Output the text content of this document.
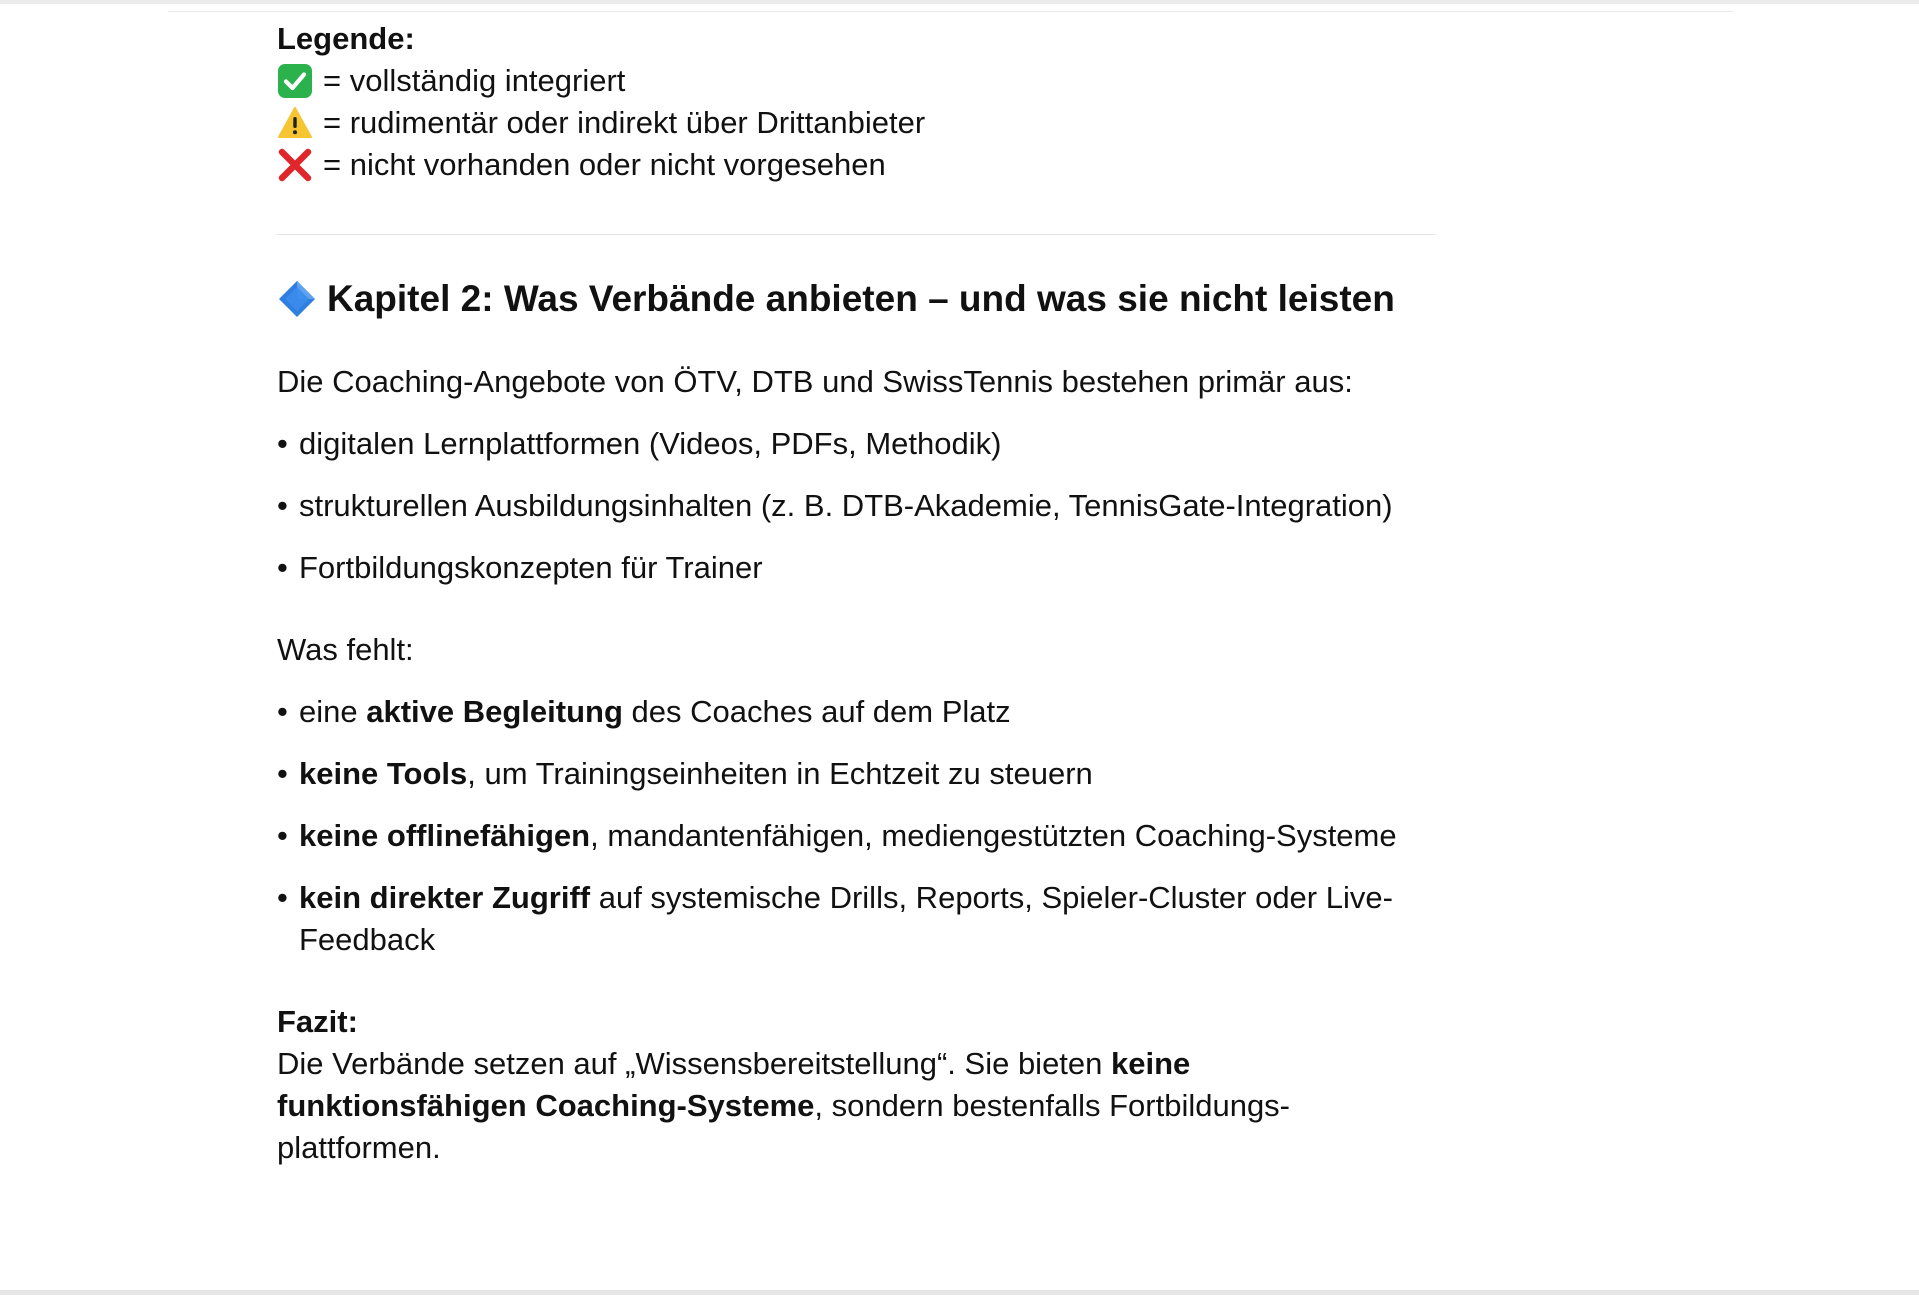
Legende:
= vollständig integriert
= rudimentär oder indirekt über Drittanbieter
= nicht vorhanden oder nicht vorgesehen
Kapitel 2: Was Verbände anbieten – und was sie nicht leisten

Die Coaching-Angebote von ÖTV, DTB und SwissTennis bestehen primär aus:

• digitalen Lernplattformen (Videos, PDFs, Methodik)
• strukturellen Ausbildungsinhalten (z. B. DTB-Akademie, TennisGate-Integration)
• Fortbildungskonzepten für Trainer

Was fehlt:

• eine aktive Begleitung des Coaches auf dem Platz
• keine Tools, um Trainingseinheiten in Echtzeit zu steuern
• keine offlinefähigen, mandantenfähigen, mediengestützten Coaching-Systeme
• kein direkter Zugriff auf systemische Drills, Reports, Spieler-Cluster oder Live-Feedback

Fazit:

Die Verbände setzen auf „Wissensbereitstellung“. Sie bieten keine funktionsfähigen Coaching-Systeme, sondern bestenfalls Fortbildungs-plattformen.
